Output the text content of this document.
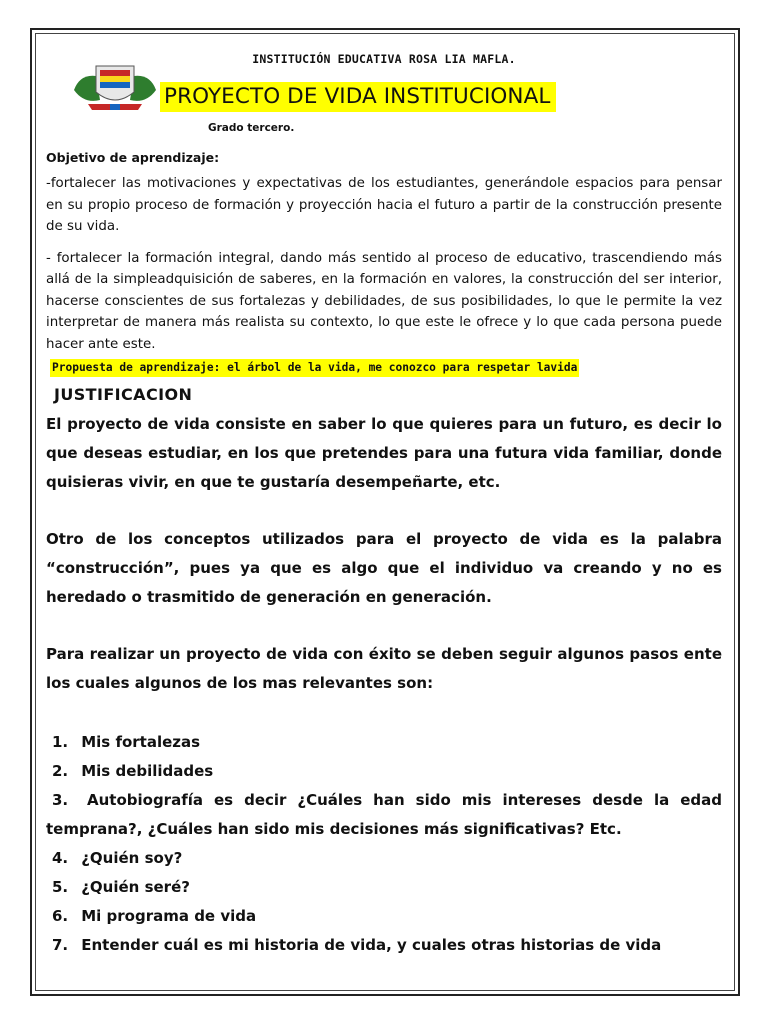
INSTITUCIÓN EDUCATIVA ROSA LIA MAFLA.
PROYECTO DE VIDA INSTITUCIONAL
Grado tercero.
Objetivo de aprendizaje:

-fortalecer las motivaciones y expectativas de los estudiantes, generándole espacios para pensar en su propio proceso de formación y proyección hacia el futuro a partir de la construcción presente de su vida.

- fortalecer la formación integral, dando más sentido al proceso de educativo, trascendiendo más allá de la simpleadquisición de saberes, en la formación en valores, la construcción del ser interior, hacerse conscientes de sus fortalezas y debilidades, de sus posibilidades, lo que le permite la vez interpretar de manera más realista su contexto, lo que este le ofrece y lo que cada persona puede hacer ante este.

Propuesta de aprendizaje: el árbol de la vida, me conozco para respetar lavida
JUSTIFICACION

El proyecto de vida consiste en saber lo que quieres para un futuro, es decir lo que deseas estudiar, en los que pretendes para una futura vida familiar, donde quisieras vivir, en que te gustaría desempeñarte, etc.

Otro de los conceptos utilizados para el proyecto de vida es la palabra “construcción”, pues ya que es algo que el individuo va creando y no es heredado o trasmitido de generación en generación.

Para realizar un proyecto de vida con éxito se deben seguir algunos pasos ente los cuales algunos de los mas relevantes son:

1. Mis fortalezas
2. Mis debilidades
3. Autobiografía es decir ¿Cuáles han sido mis intereses desde la edad temprana?, ¿Cuáles han sido mis decisiones más significativas? Etc.
4. ¿Quién soy?
5. ¿Quién seré?
6. Mi programa de vida
7. Entender cuál es mi historia de vida, y cuales otras historias de vida
